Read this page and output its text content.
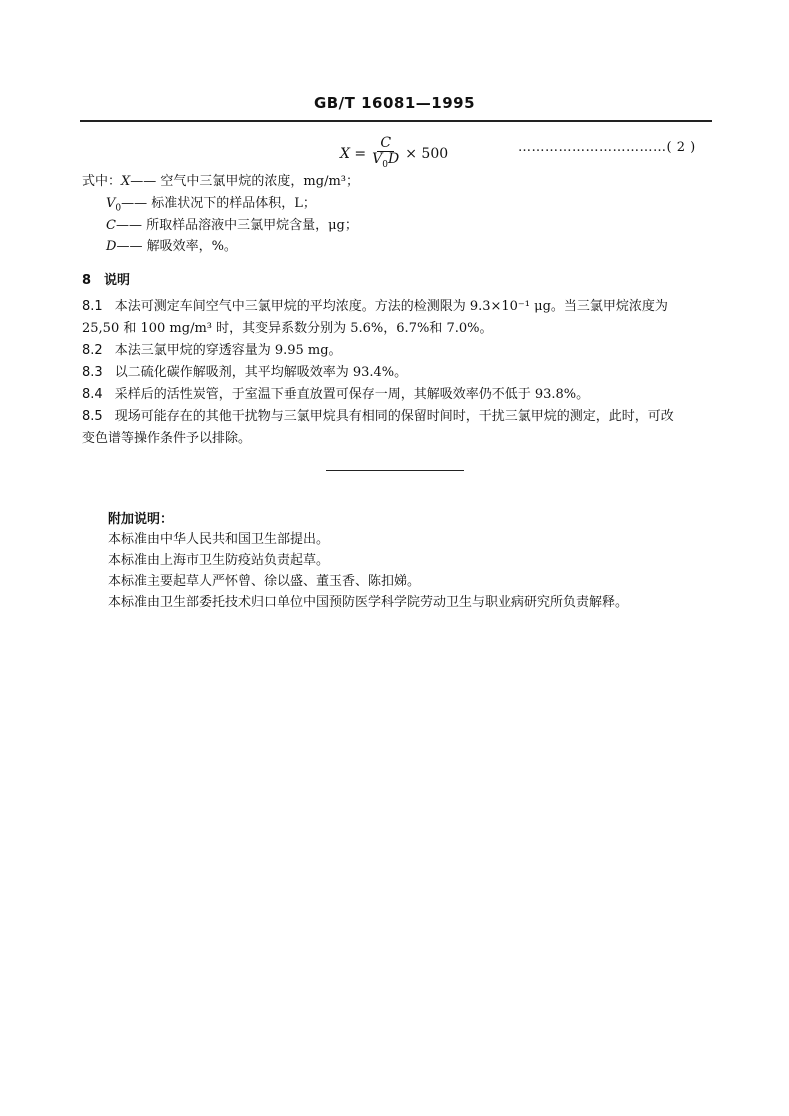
GB/T 16081—1995
$X = \frac{C}{V_0D} \times 500$	……………………………( 2 )
式中：X—— 空气中三氯甲烷的浓度，mg/m³；
$V_0——$ 标准状况下的样品体积，L；
C—— 所取样品溶液中三氯甲烷含量，μg；
D—— 解吸效率，%。
8　说明
8.1 本法可测定车间空气中三氯甲烷的平均浓度。方法的检测限为 9.3×10⁻¹ μg。当三氯甲烷浓度为
25,50 和 100 mg/m³ 时，其变异系数分别为 5.6%，6.7%和 7.0%。
8.2 本法三氯甲烷的穿透容量为 9.95 mg。
8.3 以二硫化碳作解吸剂，其平均解吸效率为 93.4%。
8.4 采样后的活性炭管，于室温下垂直放置可保存一周，其解吸效率仍不低于 93.8%。
8.5 现场可能存在的其他干扰物与三氯甲烷具有相同的保留时间时，干扰三氯甲烷的测定，此时，可改
变色谱等操作条件予以排除。
附加说明：
本标准由中华人民共和国卫生部提出。
本标准由上海市卫生防疫站负责起草。
本标准主要起草人严怀曾、徐以盛、董玉香、陈扣娣。
本标准由卫生部委托技术归口单位中国预防医学科学院劳动卫生与职业病研究所负责解释。
